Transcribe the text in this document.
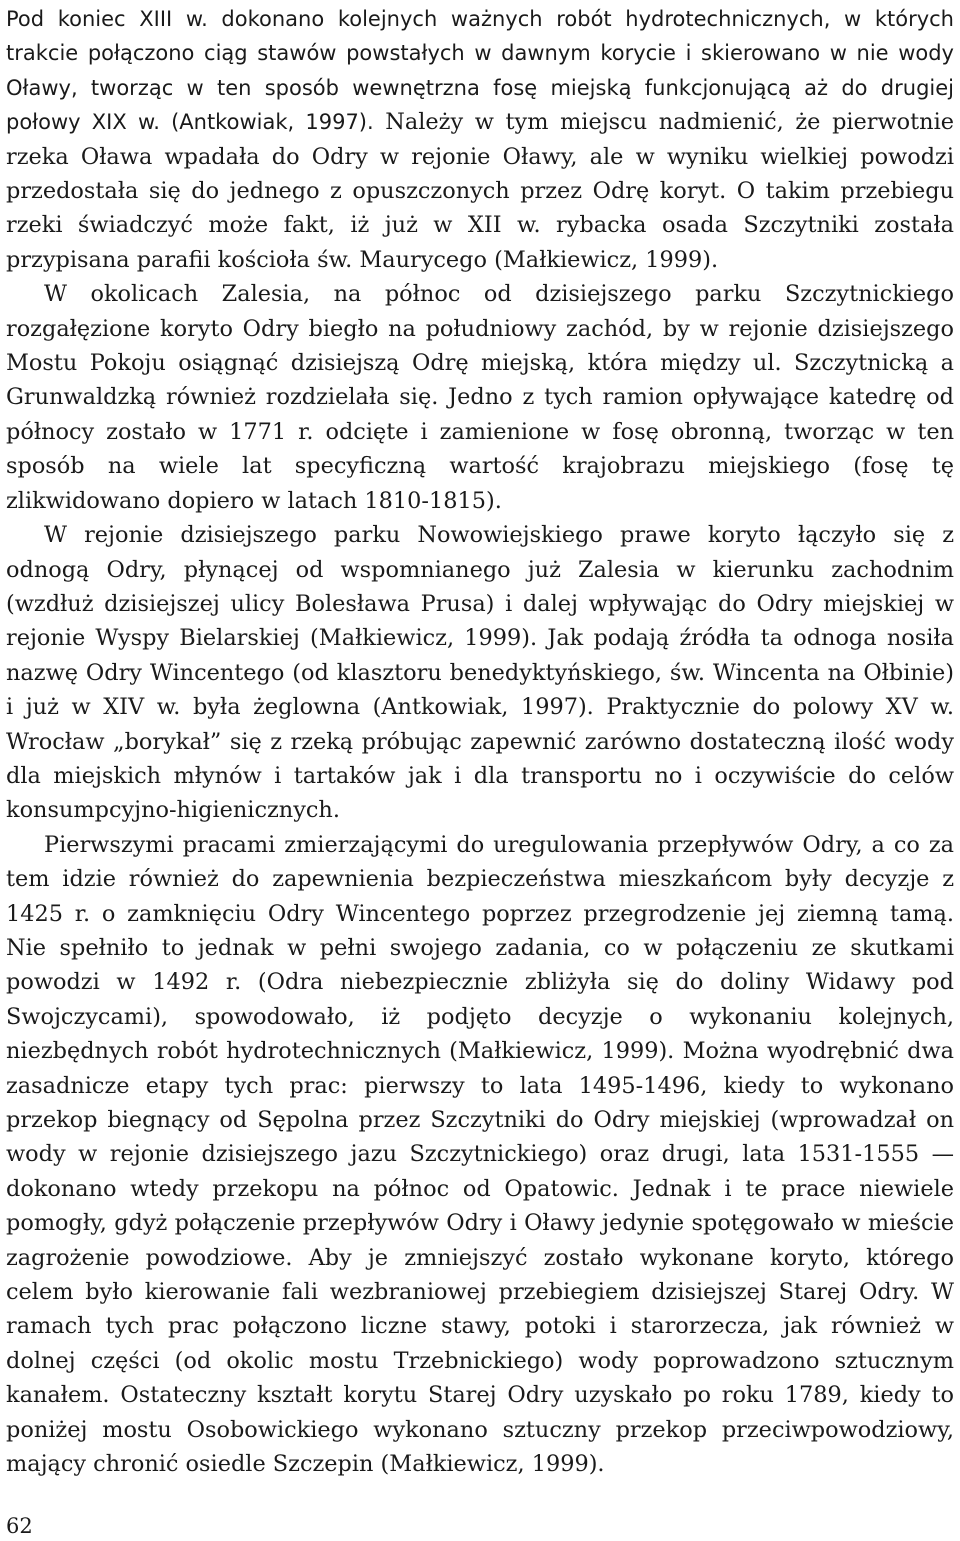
Pod koniec XIII w. dokonano kolejnych ważnych robót hydrotechnicznych, w których trakcie połączono ciąg stawów powstałych w dawnym korycie i skierowano w nie wody Oławy, tworząc w ten sposób wewnętrzna fosę miejską funkcjonującą aż do drugiej połowy XIX w. (Antkowiak, 1997). Należy w tym miejscu nadmienić, że pierwotnie rzeka Oława wpadała do Odry w rejonie Oławy, ale w wyniku wielkiej powodzi przedostała się do jednego z opuszczonych przez Odrę koryt. O takim przebiegu rzeki świadczyć może fakt, iż już w XII w. rybacka osada Szczytniki została przypisana parafii kościoła św. Maurycego (Małkiewicz, 1999).

W okolicach Zalesia, na północ od dzisiejszego parku Szczytnickiego rozgałęzione koryto Odry biegło na południowy zachód, by w rejonie dzisiejszego Mostu Pokoju osiągnąć dzisiejszą Odrę miejską, która między ul. Szczytnicką a Grunwaldzką również rozdzielała się. Jedno z tych ramion opływające katedrę od północy zostało w 1771 r. odcięte i zamienione w fosę obronną, tworząc w ten sposób na wiele lat specyficzną wartość krajobrazu miejskiego (fosę tę zlikwidowano dopiero w latach 1810-1815).

W rejonie dzisiejszego parku Nowowiejskiego prawe koryto łączyło się z odnogą Odry, płynącej od wspomnianego już Zalesia w kierunku zachodnim (wzdłuż dzisiejszej ulicy Bolesława Prusa) i dalej wpływając do Odry miejskiej w rejonie Wyspy Bielarskiej (Małkiewicz, 1999). Jak podają źródła ta odnoga nosiła nazwę Odry Wincentego (od klasztoru benedyktyńskiego, św. Wincenta na Ołbinie) i już w XIV w. była żeglowna (Antkowiak, 1997). Praktycznie do polowy XV w. Wrocław „borykał” się z rzeką próbując zapewnić zarówno dostateczną ilość wody dla miejskich młynów i tartaków jak i dla transportu no i oczywiście do celów konsumpcyjno-higienicznych.

Pierwszymi pracami zmierzającymi do uregulowania przepływów Odry, a co za tem idzie również do zapewnienia bezpieczeństwa mieszkańcom były decyzje z 1425 r. o zamknięciu Odry Wincentego poprzez przegrodzenie jej ziemną tamą. Nie spełniło to jednak w pełni swojego zadania, co w połączeniu ze skutkami powodzi w 1492 r. (Odra niebezpiecznie zbliżyła się do doliny Widawy pod Swojczycami), spowodowało, iż podjęto decyzje o wykonaniu kolejnych, niezbędnych robót hydrotechnicznych (Małkiewicz, 1999). Można wyodrębnić dwa zasadnicze etapy tych prac: pierwszy to lata 1495-1496, kiedy to wykonano przekop biegnący od Sępolna przez Szczytniki do Odry miejskiej (wprowadzał on wody w rejonie dzisiejszego jazu Szczytnickiego) oraz drugi, lata 1531-1555 — dokonano wtedy przekopu na północ od Opatowic. Jednak i te prace niewiele pomogły, gdyż połączenie przepływów Odry i Oławy jedynie spotęgowało w mieście zagrożenie powodziowe. Aby je zmniejszyć zostało wykonane koryto, którego celem było kierowanie fali wezbraniowej przebiegiem dzisiejszej Starej Odry. W ramach tych prac połączono liczne stawy, potoki i starorzecza, jak również w dolnej części (od okolic mostu Trzebnickiego) wody poprowadzono sztucznym kanałem. Ostateczny kształt korytu Starej Odry uzyskało po roku 1789, kiedy to poniżej mostu Osobowickiego wykonano sztuczny przekop przeciwpowodziowy, mający chronić osiedle Szczepin (Małkiewicz, 1999).

62
